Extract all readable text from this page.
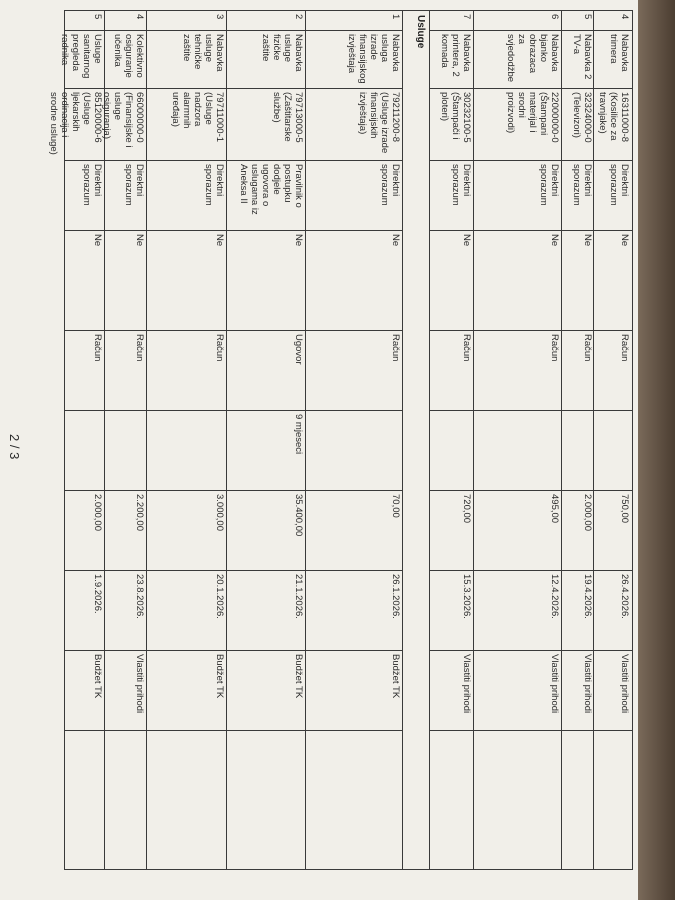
4
Nabavka trimera
16311000-8 (Kosilice za travnjake)
Direktni sporazum
Ne
Račun
750,00
26.4.2026.
Vlastiti prihodi
5
Nabavka 2 TV-a
32324000-0 (Televizori)
Direktni sporazum
Ne
Račun
2.000,00
19.4.2026.
Vlastiti prihodi
6
Nabavka bjanko obrazaca za svjedodžbe
22000000-0 (Štampani materijal i srodni proizvodi)
Direktni sporazum
Ne
Račun
495,00
12.4.2026.
Vlastiti prihodi
7
Nabavka printera, 2 komada
30232100-5 (Štampači i ploteri)
Direktni sporazum
Ne
Račun
720,00
15.3.2026.
Vlastiti prihodi
Usluge
1
Nabavka usluga izrade finansijskog izvještaja
79211200-8 (Usluge izrade finansijskih izvještaja)
Direktni sporazum
Ne
Račun
70,00
26.1.2026.
Budžet TK
2
Nabavka usluge fizičke zaštite
79713000-5 (Zaštitarske službe)
Pravilnik o postupku dodjele ugovora o uslugama iz Aneksa II
Ne
Ugovor
9 mjeseci
35.400,00
21.1.2026.
Budžet TK
3
Nabavka usluge tehničke zaštite
79711000-1 (Usluge nadzora alarmnih uređaja)
Direktni sporazum
Ne
Račun
3.000,00
20.1.2026.
Budžet TK
4
Kolektivno osiguranje učenika
66000000-0 (Finansijske i usluge osiguranja)
Direktni sporazum
Ne
Račun
2.200,00
23.8.2026.
Vlastiti prihodi
5
Usluge sanitarnog pregleda radnika
85120000-6 (Usluge ljekarskih ordinacija i srodne usluge)
Direktni sporazum
Ne
Račun
2.000,00
1.9.2026.
Budžet TK
2 / 3
